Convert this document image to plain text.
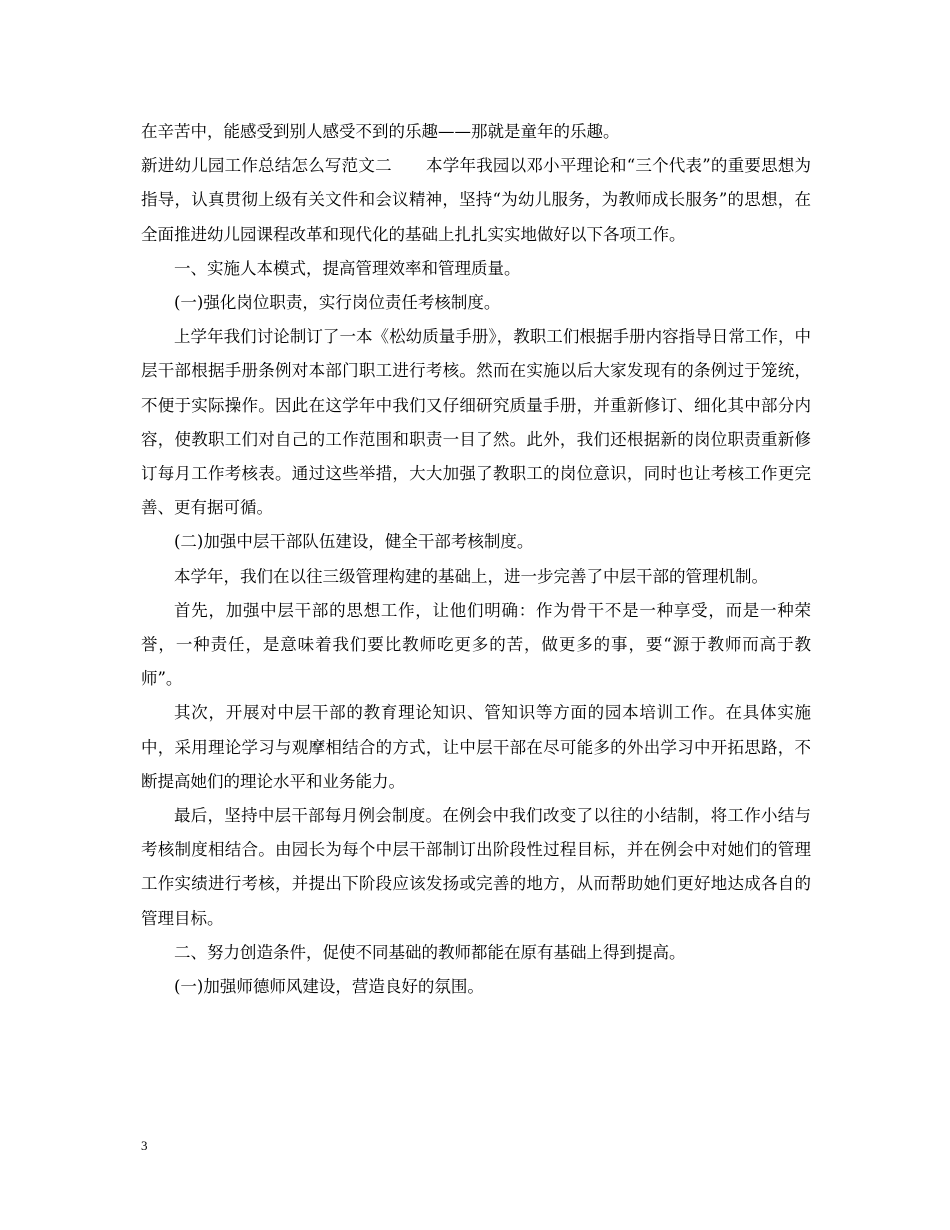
在辛苦中，能感受到别人感受不到的乐趣——那就是童年的乐趣。

新进幼儿园工作总结怎么写范文二 本学年我园以邓小平理论和“三个代表”的重要思想为指导，认真贯彻上级有关文件和会议精神，坚持“为幼儿服务，为教师成长服务”的思想，在全面推进幼儿园课程改革和现代化的基础上扎扎实实地做好以下各项工作。

一、实施人本模式，提高管理效率和管理质量。

(一)强化岗位职责，实行岗位责任考核制度。

上学年我们讨论制订了一本《松幼质量手册》，教职工们根据手册内容指导日常工作，中层干部根据手册条例对本部门职工进行考核。然而在实施以后大家发现有的条例过于笼统，不便于实际操作。因此在这学年中我们又仔细研究质量手册，并重新修订、细化其中部分内容，使教职工们对自己的工作范围和职责一目了然。此外，我们还根据新的岗位职责重新修订每月工作考核表。通过这些举措，大大加强了教职工的岗位意识，同时也让考核工作更完善、更有据可循。

(二)加强中层干部队伍建设，健全干部考核制度。

本学年，我们在以往三级管理构建的基础上，进一步完善了中层干部的管理机制。

首先，加强中层干部的思想工作，让他们明确：作为骨干不是一种享受，而是一种荣誉，一种责任，是意味着我们要比教师吃更多的苦，做更多的事，要“源于教师而高于教师”。

其次，开展对中层干部的教育理论知识、管知识等方面的园本培训工作。在具体实施中，采用理论学习与观摩相结合的方式，让中层干部在尽可能多的外出学习中开拓思路，不断提高她们的理论水平和业务能力。

最后，坚持中层干部每月例会制度。在例会中我们改变了以往的小结制，将工作小结与考核制度相结合。由园长为每个中层干部制订出阶段性过程目标，并在例会中对她们的管理工作实绩进行考核，并提出下阶段应该发扬或完善的地方，从而帮助她们更好地达成各自的管理目标。

二、努力创造条件，促使不同基础的教师都能在原有基础上得到提高。

(一)加强师德师风建设，营造良好的氛围。

3
